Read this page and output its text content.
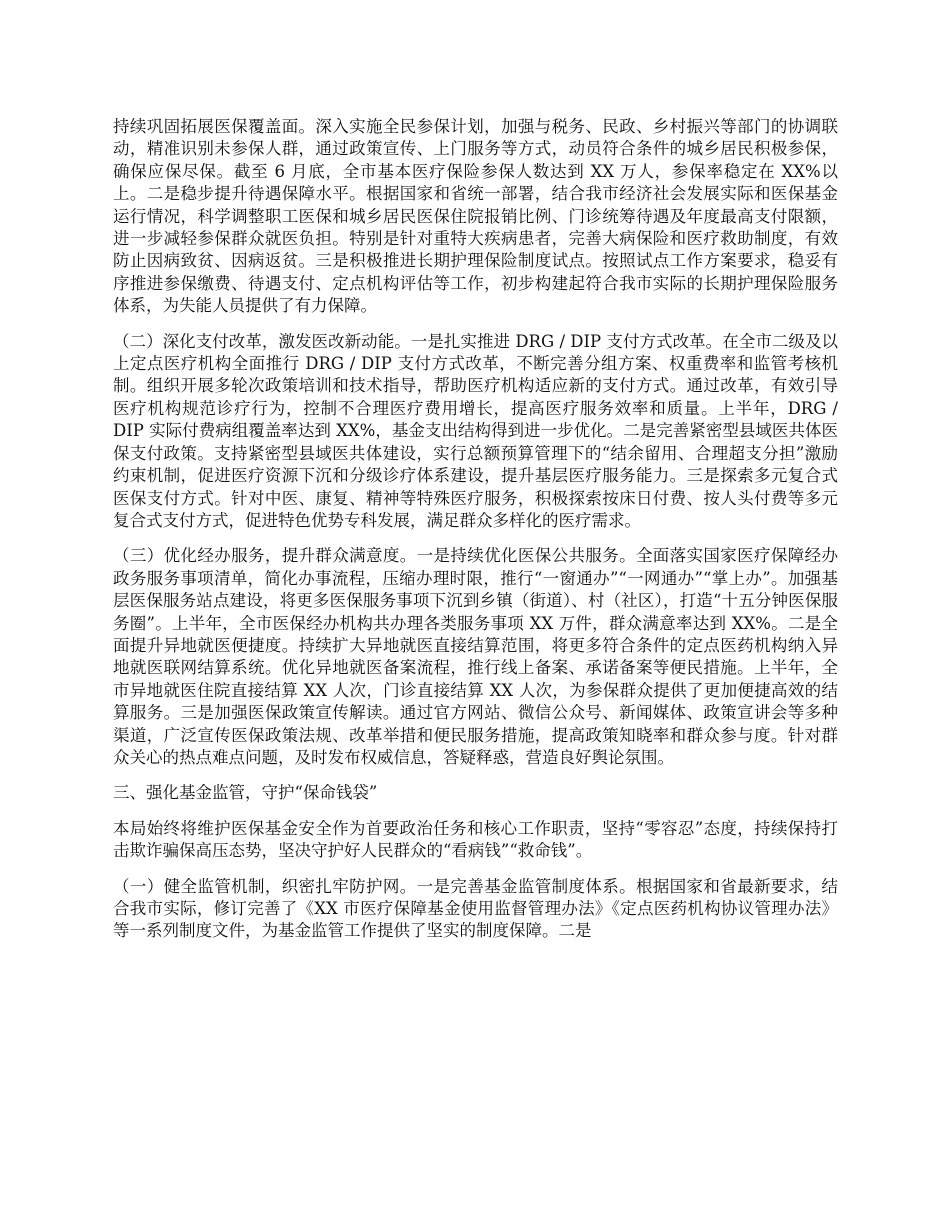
持续巩固拓展医保覆盖面。深入实施全民参保计划，加强与税务、民政、乡村振兴等部门的协调联动，精准识别未参保人群，通过政策宣传、上门服务等方式，动员符合条件的城乡居民积极参保，确保应保尽保。截至 6 月底，全市基本医疗保险参保人数达到 XX 万人，参保率稳定在 XX%以上。二是稳步提升待遇保障水平。根据国家和省统一部署，结合我市经济社会发展实际和医保基金运行情况，科学调整职工医保和城乡居民医保住院报销比例、门诊统筹待遇及年度最高支付限额，进一步减轻参保群众就医负担。特别是针对重特大疾病患者，完善大病保险和医疗救助制度，有效防止因病致贫、因病返贫。三是积极推进长期护理保险制度试点。按照试点工作方案要求，稳妥有序推进参保缴费、待遇支付、定点机构评估等工作，初步构建起符合我市实际的长期护理保险服务体系，为失能人员提供了有力保障。

（二）深化支付改革，激发医改新动能。一是扎实推进 DRG / DIP 支付方式改革。在全市二级及以上定点医疗机构全面推行 DRG / DIP 支付方式改革，不断完善分组方案、权重费率和监管考核机制。组织开展多轮次政策培训和技术指导，帮助医疗机构适应新的支付方式。通过改革，有效引导医疗机构规范诊疗行为，控制不合理医疗费用增长，提高医疗服务效率和质量。上半年，DRG / DIP 实际付费病组覆盖率达到 XX%，基金支出结构得到进一步优化。二是完善紧密型县域医共体医保支付政策。支持紧密型县域医共体建设，实行总额预算管理下的“结余留用、合理超支分担”激励约束机制，促进医疗资源下沉和分级诊疗体系建设，提升基层医疗服务能力。三是探索多元复合式医保支付方式。针对中医、康复、精神等特殊医疗服务，积极探索按床日付费、按人头付费等多元复合式支付方式，促进特色优势专科发展，满足群众多样化的医疗需求。

（三）优化经办服务，提升群众满意度。一是持续优化医保公共服务。全面落实国家医疗保障经办政务服务事项清单，简化办事流程，压缩办理时限，推行“一窗通办”“一网通办”“掌上办”。加强基层医保服务站点建设，将更多医保服务事项下沉到乡镇（街道）、村（社区），打造“十五分钟医保服务圈”。上半年，全市医保经办机构共办理各类服务事项 XX 万件，群众满意率达到 XX%。二是全面提升异地就医便捷度。持续扩大异地就医直接结算范围，将更多符合条件的定点医药机构纳入异地就医联网结算系统。优化异地就医备案流程，推行线上备案、承诺备案等便民措施。上半年，全市异地就医住院直接结算 XX 人次，门诊直接结算 XX 人次，为参保群众提供了更加便捷高效的结算服务。三是加强医保政策宣传解读。通过官方网站、微信公众号、新闻媒体、政策宣讲会等多种渠道，广泛宣传医保政策法规、改革举措和便民服务措施，提高政策知晓率和群众参与度。针对群众关心的热点难点问题，及时发布权威信息，答疑释惑，营造良好舆论氛围。

三、强化基金监管，守护“保命钱袋”

本局始终将维护医保基金安全作为首要政治任务和核心工作职责，坚持“零容忍”态度，持续保持打击欺诈骗保高压态势，坚决守护好人民群众的“看病钱”“救命钱”。

（一）健全监管机制，织密扎牢防护网。一是完善基金监管制度体系。根据国家和省最新要求，结合我市实际，修订完善了《XX 市医疗保障基金使用监督管理办法》《定点医药机构协议管理办法》等一系列制度文件，为基金监管工作提供了坚实的制度保障。二是
